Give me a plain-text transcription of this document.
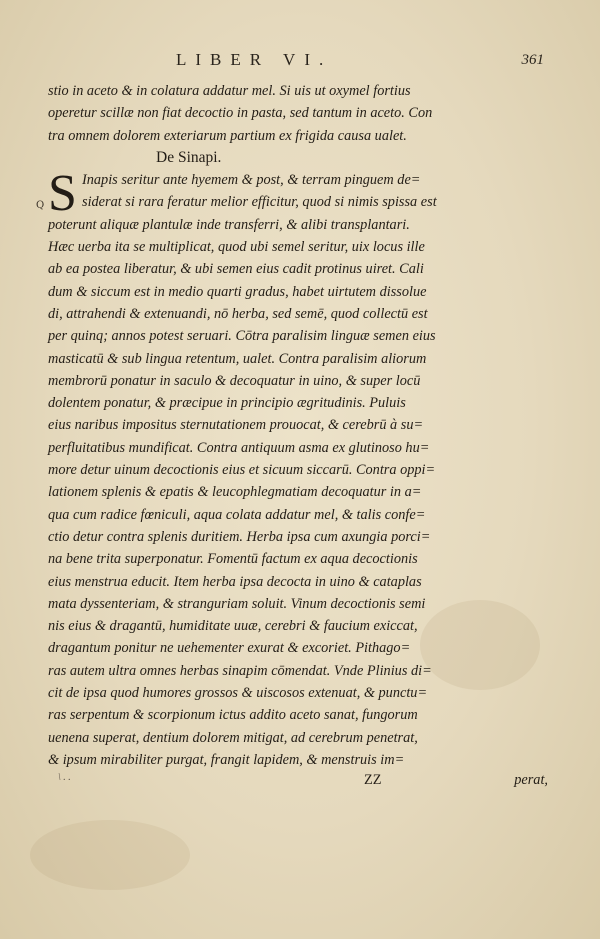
LIBER VI.	361
S
Q
stio in aceto & in colatura addatur mel. Si uis ut oxymel fortius
operetur scillæ non fiat decoctio in pasta, sed tantum in aceto. Con
tra omnem dolorem exteriarum partium ex frigida causa ualet.
De Sinapi.
Inapis seritur ante hyemem & post, & terram pinguem de=
siderat si rara feratur melior efficitur, quod si nimis spissa est
poterunt aliquæ plantulæ inde transferri, & alibi transplantari.
Hæc uerba ita se multiplicat, quod ubi semel seritur, uix locus ille
ab ea postea liberatur, & ubi semen eius cadit protinus uiret. Cali
dum & siccum est in medio quarti gradus, habet uirtutem dissolue
di, attrahendi & extenuandi, nō herba, sed semē, quod collectū est
per quinq; annos potest seruari. Cōtra paralisim linguæ semen eius
masticatū & sub lingua retentum, ualet. Contra paralisim aliorum
membrorū ponatur in saculo & decoquatur in uino, & super locū
dolentem ponatur, & præcipue in principio ægritudinis. Puluis
eius naribus impositus sternutationem prouocat, & cerebrū à su=
perfluitatibus mundificat. Contra antiquum asma ex glutinoso hu=
more detur uinum decoctionis eius et sicuum siccarū. Contra oppi=
lationem splenis & epatis & leucophlegmatiam decoquatur in a=
qua cum radice fœniculi, aqua colata addatur mel, & talis confe=
ctio detur contra splenis duritiem. Herba ipsa cum axungia porci=
na bene trita superponatur. Fomentū factum ex aqua decoctionis
eius menstrua educit. Item herba ipsa decocta in uino & cataplas
mata dyssenteriam, & stranguriam soluit. Vinum decoctionis semi
nis eius & dragantū, humiditate uuæ, cerebri & faucium exiccat,
dragantum ponitur ne uehementer exurat & excoriet. Pithago=
ras autem ultra omnes herbas sinapim cōmendat. Vnde Plinius di=
cit de ipsa quod humores grossos & uiscosos extenuat, & punctu=
ras serpentum & scorpionum ictus addito aceto sanat, fungorum
uenena superat, dentium dolorem mitigat, ad cerebrum penetrat,
& ipsum mirabiliter purgat, frangit lapidem, & menstruis im=
\ . .	ZZ	perat,
